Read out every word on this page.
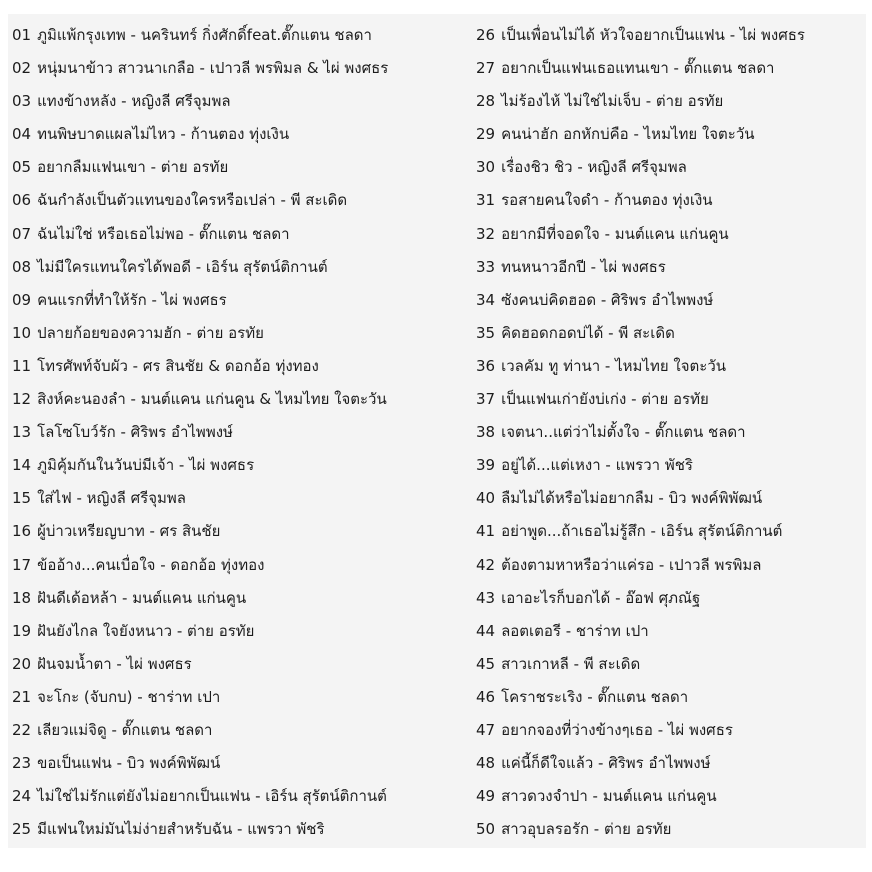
01 ภูมิแพ้กรุงเทพ - นครินทร์ กิ่งศักดิ์feat.ตั๊กแตน ชลดา
02 หนุ่มนาข้าว สาวนาเกลือ - เปาวลี พรพิมล & ไผ่ พงศธร
03 แทงข้างหลัง - หญิงลี ศรีจุมพล
04 ทนพิษบาดแผลไม่ไหว - ก้านตอง ทุ่งเงิน
05 อยากลืมแฟนเขา - ต่าย อรทัย
06 ฉันกำลังเป็นตัวแทนของใครหรือเปล่า - พี สะเดิด
07 ฉันไม่ใช่ หรือเธอไม่พอ - ตั๊กแตน ชลดา
08 ไม่มีใครแทนใครได้พอดี - เอิร์น สุรัตน์ติกานต์
09 คนแรกที่ทำให้รัก - ไผ่ พงศธร
10 ปลายก้อยของความฮัก - ต่าย อรทัย
11 โทรศัพท์จับผัว - ศร สินชัย & ดอกอ้อ ทุ่งทอง
12 สิงห์คะนองลำ - มนต์แคน แก่นคูน & ไหมไทย ใจตะวัน
13 โลโซโบว์รัก - ศิริพร อำไพพงษ์
14 ภูมิคุ้มกันในวันบ่มีเจ้า - ไผ่ พงศธร
15 ใส่ไฟ - หญิงลี ศรีจุมพล
16 ผู้บ่าวเหรียญบาท - ศร สินชัย
17 ข้ออ้าง...คนเบื่อใจ - ดอกอ้อ ทุ่งทอง
18 ฝันดีเด้อหล้า - มนต์แคน แก่นคูน
19 ฝันยังไกล ใจยังหนาว - ต่าย อรทัย
20 ฝันจมน้ำตา - ไผ่ พงศธร
21 จะโกะ (จับกบ) - ชาร่าท เปา
22 เลียวแม่จิดู - ตั๊กแตน ชลดา
23 ขอเป็นแฟน - บิว พงค์พิพัฒน์
24 ไม่ใช่ไม่รักแต่ยังไม่อยากเป็นแฟน - เอิร์น สุรัตน์ติกานต์
25 มีแฟนใหม่มันไม่ง่ายสำหรับฉัน - แพรวา พัชริ
26 เป็นเพื่อนไม่ได้ หัวใจอยากเป็นแฟน - ไผ่ พงศธร
27 อยากเป็นแฟนเธอแทนเขา - ตั๊กแตน ชลดา
28 ไม่ร้องไห้ ไม่ใช่ไม่เจ็บ - ต่าย อรทัย
29 คนน่าฮัก อกหักบ่คือ - ไหมไทย ใจตะวัน
30 เรื่องชิว ชิว - หญิงลี ศรีจุมพล
31 รอสายคนใจดำ - ก้านตอง ทุ่งเงิน
32 อยากมีที่จอดใจ - มนต์แคน แก่นคูน
33 ทนหนาวอีกปี - ไผ่ พงศธร
34 ซังคนบ่คิดฮอด - ศิริพร อำไพพงษ์
35 คิดฮอดกอดบ่ได้ - พี สะเดิด
36 เวลคัม ทู ท่านา - ไหมไทย ใจตะวัน
37 เป็นแฟนเก่ายังบ่เก่ง - ต่าย อรทัย
38 เจตนา..แต่ว่าไม่ตั้งใจ - ตั๊กแตน ชลดา
39 อยู่ได้...แต่เหงา - แพรวา พัชริ
40 ลืมไม่ได้หรือไม่อยากลืม - บิว พงค์พิพัฒน์
41 อย่าพูด...ถ้าเธอไม่รู้สึก - เอิร์น สุรัตน์ติกานต์
42 ต้องตามหาหรือว่าแค่รอ - เปาวลี พรพิมล
43 เอาอะไรก็บอกได้ - อ๊อฟ ศุภณัฐ
44 ลอตเตอรี - ชาร่าท เปา
45 สาวเกาหลี - พี สะเดิด
46 โคราชระเริง - ตั๊กแตน ชลดา
47 อยากจองที่ว่างข้างๆเธอ - ไผ่ พงศธร
48 แค่นี้ก็ดีใจแล้ว - ศิริพร อำไพพงษ์
49 สาวดวงจำปา - มนต์แคน แก่นคูน
50 สาวอุบลรอรัก - ต่าย อรทัย
